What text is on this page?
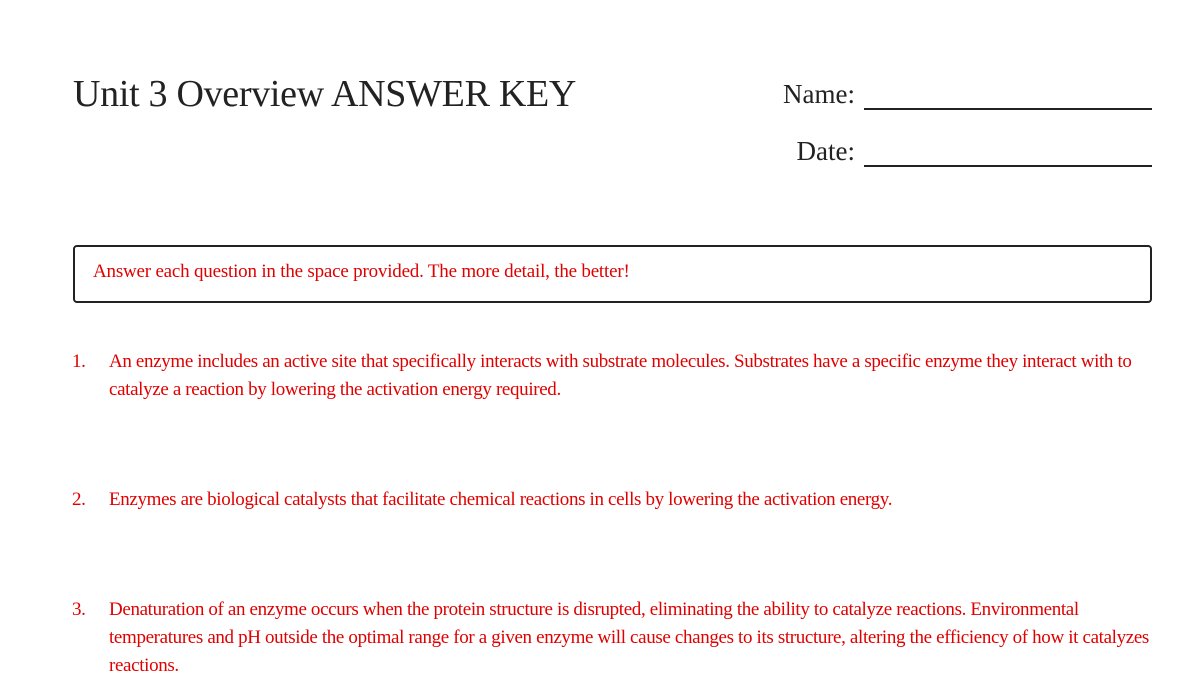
Unit 3 Overview ANSWER KEY	Name:
Date:
Answer each question in the space provided. The more detail, the better!
1.	An enzyme includes an active site that specifically interacts with substrate molecules. Substrates have a specific enzyme they interact with to catalyze a reaction by lowering the activation energy required.
2.	Enzymes are biological catalysts that facilitate chemical reactions in cells by lowering the activation energy.
3.	Denaturation of an enzyme occurs when the protein structure is disrupted, eliminating the ability to catalyze reactions. Environmental temperatures and pH outside the optimal range for a given enzyme will cause changes to its structure, altering the efficiency of how it catalyzes reactions.
